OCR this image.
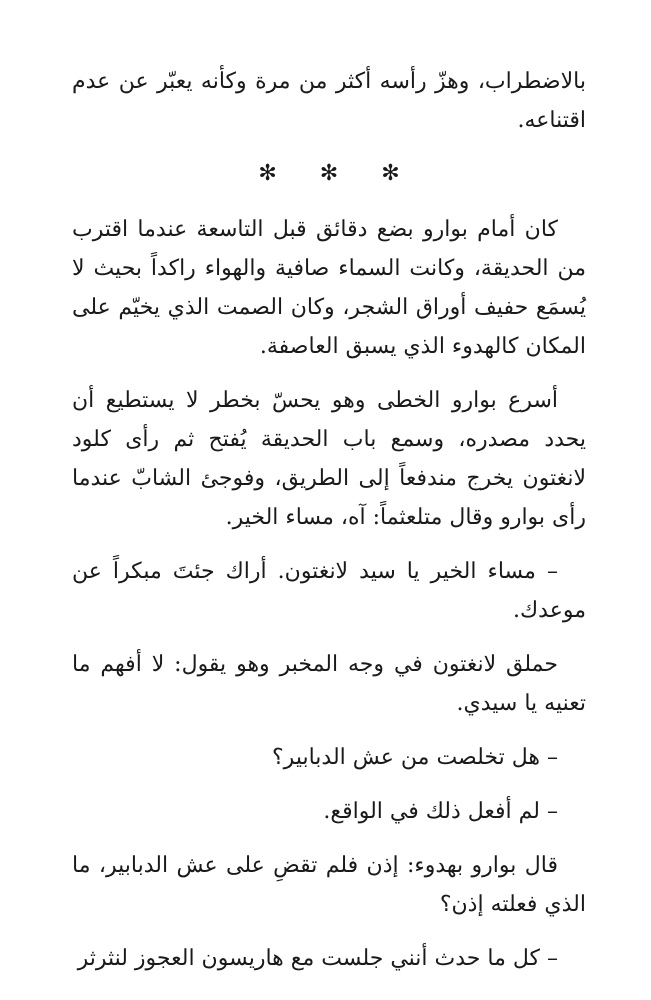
بالاضطراب، وهزّ رأسه أكثر من مرة وكأنه يعبّر عن عدم اقتناعه.

✻ ✻ ✻

كان أمام بوارو بضع دقائق قبل التاسعة عندما اقترب من الحديقة، وكانت السماء صافية والهواء راكداً بحيث لا يُسمَع حفيف أوراق الشجر، وكان الصمت الذي يخيّم على المكان كالهدوء الذي يسبق العاصفة.

أسرع بوارو الخطى وهو يحسّ بخطر لا يستطيع أن يحدد مصدره، وسمع باب الحديقة يُفتح ثم رأى كلود لانغتون يخرج مندفعاً إلى الطريق، وفوجئ الشابّ عندما رأى بوارو وقال متلعثماً: آه، مساء الخير.

– مساء الخير يا سيد لانغتون. أراك جئتَ مبكراً عن موعدك.

حملق لانغتون في وجه المخبر وهو يقول: لا أفهم ما تعنيه يا سيدي.

– هل تخلصت من عش الدبابير؟

– لم أفعل ذلك في الواقع.

قال بوارو بهدوء: إذن فلم تقضِ على عش الدبابير، ما الذي فعلته إذن؟

– كل ما حدث أنني جلست مع هاريسون العجوز لنثرثر
